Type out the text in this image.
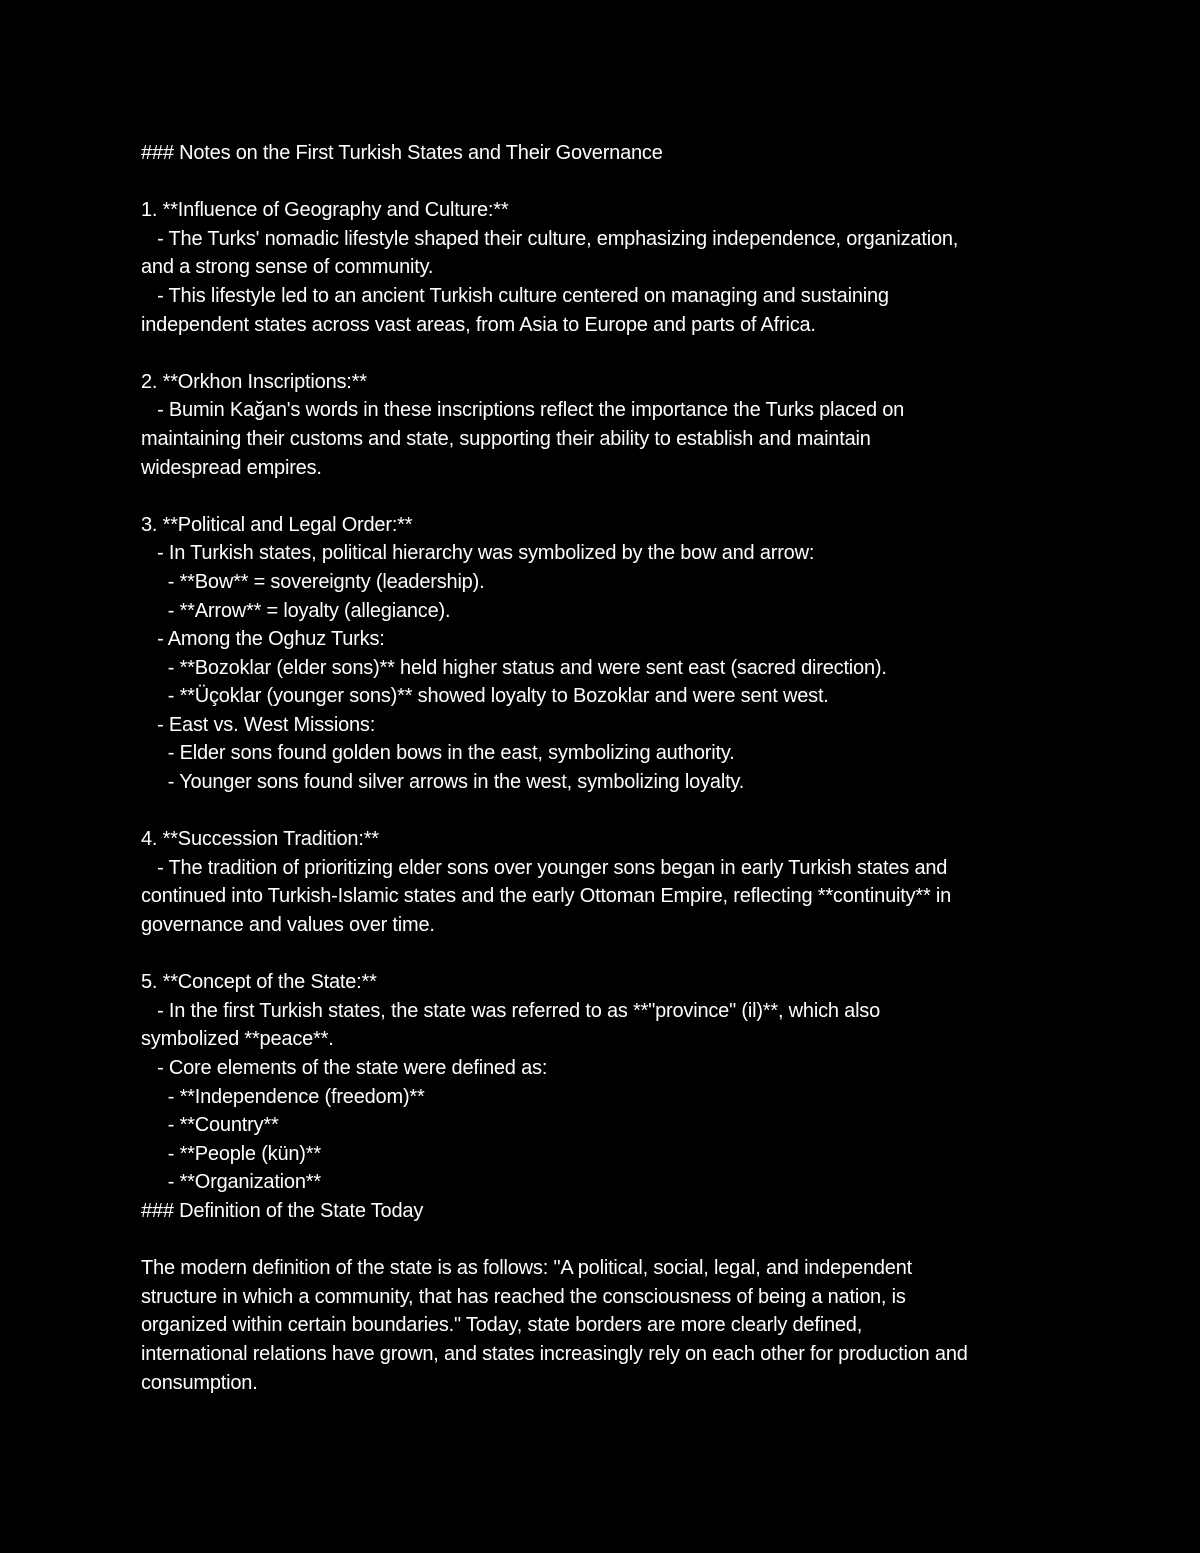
### Notes on the First Turkish States and Their Governance
1. **Influence of Geography and Culture:**
- The Turks' nomadic lifestyle shaped their culture, emphasizing independence, organization,
and a strong sense of community.
- This lifestyle led to an ancient Turkish culture centered on managing and sustaining
independent states across vast areas, from Asia to Europe and parts of Africa.
2. **Orkhon Inscriptions:**
- Bumin Kağan's words in these inscriptions reflect the importance the Turks placed on
maintaining their customs and state, supporting their ability to establish and maintain
widespread empires.
3. **Political and Legal Order:**
- In Turkish states, political hierarchy was symbolized by the bow and arrow:
- **Bow** = sovereignty (leadership).
- **Arrow** = loyalty (allegiance).
- Among the Oghuz Turks:
- **Bozoklar (elder sons)** held higher status and were sent east (sacred direction).
- **Üçoklar (younger sons)** showed loyalty to Bozoklar and were sent west.
- East vs. West Missions:
- Elder sons found golden bows in the east, symbolizing authority.
- Younger sons found silver arrows in the west, symbolizing loyalty.
4. **Succession Tradition:**
- The tradition of prioritizing elder sons over younger sons began in early Turkish states and
continued into Turkish-Islamic states and the early Ottoman Empire, reflecting **continuity** in
governance and values over time.
5. **Concept of the State:**
- In the first Turkish states, the state was referred to as **"province" (il)**, which also
symbolized **peace**.
- Core elements of the state were defined as:
- **Independence (freedom)**
- **Country**
- **People (kün)**
- **Organization**
### Definition of the State Today
The modern definition of the state is as follows: "A political, social, legal, and independent
structure in which a community, that has reached the consciousness of being a nation, is
organized within certain boundaries." Today, state borders are more clearly defined,
international relations have grown, and states increasingly rely on each other for production and
consumption.
